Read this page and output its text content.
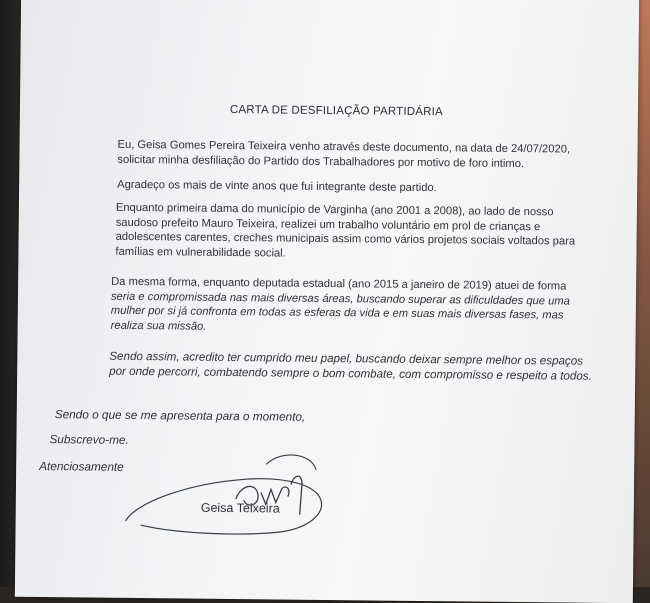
CARTA DE DESFILIAÇÃO PARTIDÁRIA
Eu, Geisa Gomes Pereira Teixeira venho através deste documento, na data de 24/07/2020,
solicitar minha desfiliação do Partido dos Trabalhadores por motivo de foro intimo.
Agradeço os mais de vinte anos que fui integrante deste partido.
Enquanto primeira dama do município de Varginha (ano 2001 a 2008), ao lado de nosso
saudoso prefeito Mauro Teixeira, realizei um trabalho voluntário em prol de crianças e
adolescentes carentes, creches municipais assim como vários projetos sociais voltados para
famílias em vulnerabilidade social.
Da mesma forma, enquanto deputada estadual (ano 2015 a janeiro de 2019) atuei de forma
seria e compromissada nas mais diversas áreas, buscando superar as dificuldades que uma
mulher por si já confronta em todas as esferas da vida e em suas mais diversas fases, mas
realiza sua missão.
Sendo assim, acredito ter cumprido meu papel, buscando deixar sempre melhor os espaços
por onde percorri, combatendo sempre o bom combate, com compromisso e respeito a todos.
Sendo o que se me apresenta para o momento,
Subscrevo-me.
Atenciosamente
Geisa Teixeira
